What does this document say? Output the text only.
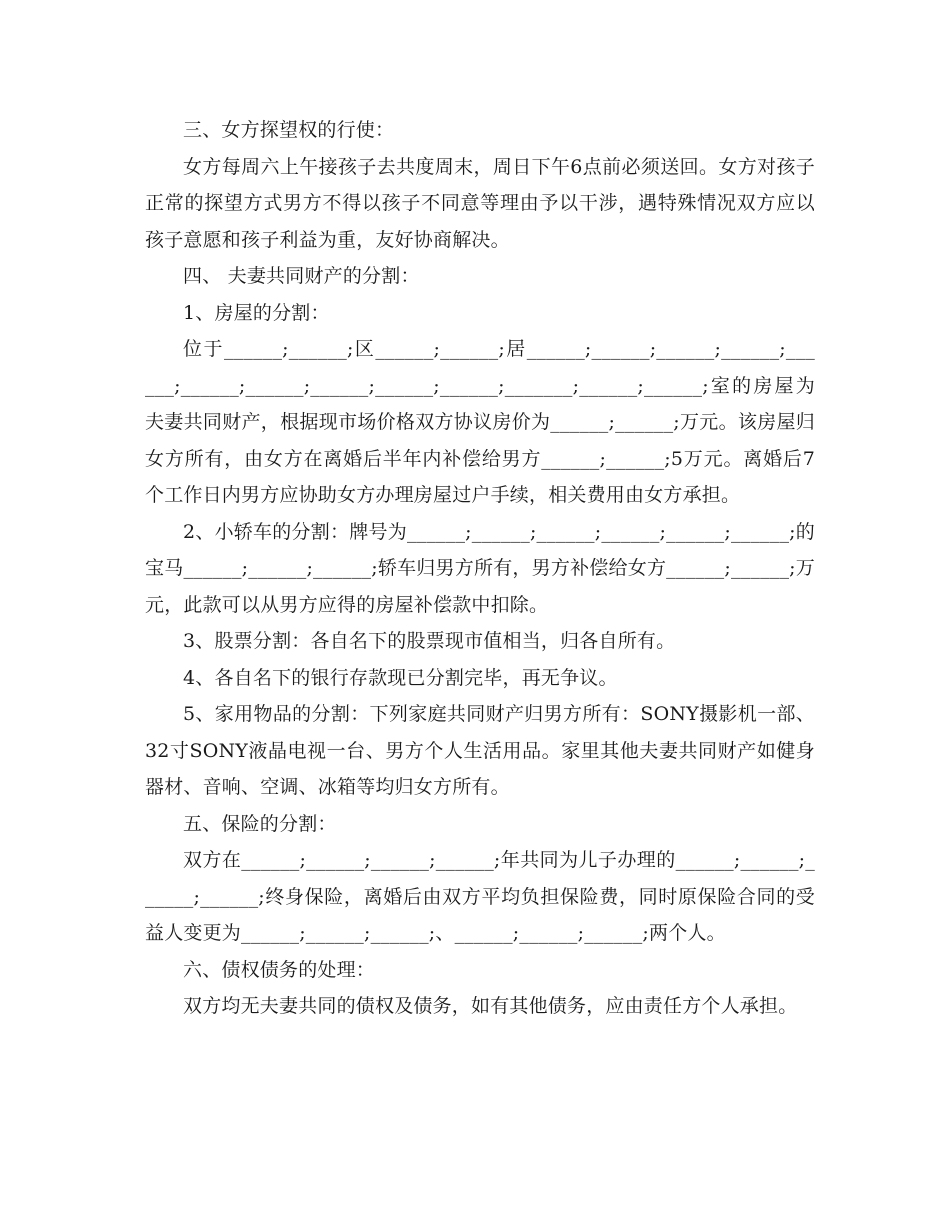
三、女方探望权的行使：

女方每周六上午接孩子去共度周末，周日下午6点前必须送回。女方对孩子正常的探望方式男方不得以孩子不同意等理由予以干涉，遇特殊情况双方应以孩子意愿和孩子利益为重，友好协商解决。

四、 夫妻共同财产的分割：

1、房屋的分割：

位于______;______;区______;______;居______;______;______;______;______;______;______;______;______;______;_______;______;______;室的房屋为夫妻共同财产，根据现市场价格双方协议房价为______;______;万元。该房屋归女方所有，由女方在离婚后半年内补偿给男方______;______;5万元。离婚后7个工作日内男方应协助女方办理房屋过户手续，相关费用由女方承担。

2、小轿车的分割：牌号为______;______;______;______;______;______;的宝马______;______;______;轿车归男方所有，男方补偿给女方______;______;万元，此款可以从男方应得的房屋补偿款中扣除。

3、股票分割：各自名下的股票现市值相当，归各自所有。

4、各自名下的银行存款现已分割完毕，再无争议。

5、家用物品的分割：下列家庭共同财产归男方所有：SONY摄影机一部、32寸SONY液晶电视一台、男方个人生活用品。家里其他夫妻共同财产如健身器材、音响、空调、冰箱等均归女方所有。

五、保险的分割：

双方在______;______;______;______;年共同为儿子办理的______;______;______;______;终身保险，离婚后由双方平均负担保险费，同时原保险合同的受益人变更为______;______;______;、______;______;______;两个人。

六、债权债务的处理：

双方均无夫妻共同的债权及债务，如有其他债务，应由责任方个人承担。
